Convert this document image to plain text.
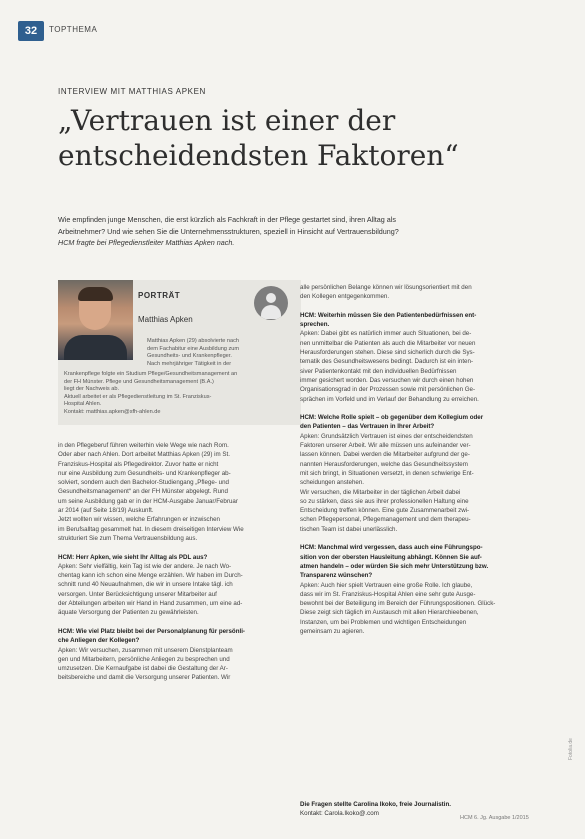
32	TOPTHEMA
INTERVIEW MIT MATTHIAS APKEN
„Vertrauen ist einer der entscheidendsten Faktoren“
Wie empfinden junge Menschen, die erst kürzlich als Fachkraft in der Pflege gestartet sind, ihren Alltag als
Arbeitnehmer? Und wie sehen Sie die Unternehmensstrukturen, speziell in Hinsicht auf Vertrauensbildung?
HCM fragte bei Pflegedienstleiter Matthias Apken nach.
PORTRÄT
Matthias Apken
Matthias Apken (29) absolvierte nach
dem Fachabitur eine Ausbildung zum
Gesundheits- und Krankenpfleger.
Nach mehrjähriger Tätigkeit in der
Krankenpflege folgte ein Studium Pflege/Gesundheitsmanagement an
der FH Münster. Pflege und Gesundheitsmanagement (B.A.)
liegt der Nachweis ab.
Aktuell arbeitet er als Pflegedienstleitung im St. Franziskus-
Hospital Ahlen.
Kontakt: matthias.apken@sfh-ahlen.de
in den Pflegeberuf führen weiterhin viele Wege wie nach Rom.
Oder aber nach Ahlen. Dort arbeitet Matthias Apken (29) im St.
Franziskus-Hospital als Pflegedirektor. Zuvor hatte er nicht
nur eine Ausbildung zum Gesundheits- und Krankenpfleger ab-
solviert, sondern auch den Bachelor-Studiengang „Pflege- und
Gesundheitsmanagement“ an der FH Münster abgelegt. Rund
um seine Ausbildung gab er in der HCM-Ausgabe Januar/Februar
ar 2014 (auf Seite 18/19) Auskunft.
Jetzt wollten wir wissen, welche Erfahrungen er inzwischen
im Berufsalltag gesammelt hat. In diesem dreiseitigen Interview Wie
strukturiert Sie zum Thema Vertrauensbildung aus.
HCM: Herr Apken, wie sieht Ihr Alltag als PDL aus?
Apken: Sehr vielfältig, kein Tag ist wie der andere. Je nach Wo-
chentag kann ich schon eine Menge erzählen. Wir haben im Durch-
schnitt rund 40 Neuaufnahmen, die wir in unsere Intake tägl. ich
versorgen. Unter Berücksichtigung unserer Mitarbeiter auf
der Abteilungen arbeiten wir Hand in Hand zusammen, um eine ad-
äquate Versorgung der Patienten zu gewährleisten.
HCM: Wie viel Platz bleibt bei der Personalplanung für persönli-
che Anliegen der Kollegen?
Apken: Wir versuchen, zusammen mit unserem Dienstplanteam
gen und Mitarbeitern, persönliche Anliegen zu besprechen und
umzusetzen. Die Kernaufgabe ist dabei die Gestaltung der Ar-
beitsbereiche und damit die Versorgung unserer Patienten. Wir
alle persönlichen Belange können wir lösungsorientiert mit den
den Kollegen entgegenkommen.
HCM: Weiterhin müssen Sie den Patientenbedürfnissen ent-
sprechen.
Apken: Dabei gibt es natürlich immer auch Situationen, bei de-
nen unmittelbar die Patienten als auch die Mitarbeiter vor neuen
Herausforderungen stehen. Diese sind sicherlich durch die Sys-
tematik des Gesundheitswesens bedingt. Dadurch ist ein inten-
siver Patientenkontakt mit den individuellen Bedürfnissen
immer gesichert worden. Das versuchen wir durch einen hohen
Organisationsgrad in der Prozessen sowie mit persönlichen Ge-
sprächen im Vorfeld und im Verlauf der Behandlung zu erreichen.
HCM: Welche Rolle spielt – ob gegenüber dem Kollegium oder
den Patienten – das Vertrauen in Ihrer Arbeit?
Apken: Grundsätzlich Vertrauen ist eines der entscheidendsten
Faktoren unserer Arbeit. Wir alle müssen uns aufeinander ver-
lassen können. Dabei werden die Mitarbeiter aufgrund der ge-
nannten Herausforderungen, welche das Gesundheitssystem
mit sich bringt, in Situationen versetzt, in denen schwierige Ent-
scheidungen anstehen.
Wir versuchen, die Mitarbeiter in der täglichen Arbeit dabei
so zu stärken, dass sie aus ihrer professionellen Haltung eine
Entscheidung treffen können. Eine gute Zusammenarbeit zwi-
schen Pflegepersonal, Pflegemanagement und dem therapeu-
tischen Team ist dabei unerlässlich.
HCM: Manchmal wird vergessen, dass auch eine Führungspo-
sition von der obersten Hausleitung abhängt. Können Sie auf-
atmen handeln – oder würden Sie sich mehr Unterstützung bzw.
Transparenz wünschen?
Apken: Auch hier spielt Vertrauen eine große Rolle. Ich glaube,
dass wir im St. Franziskus-Hospital Ahlen eine sehr gute Ausge-
bewohnt bei der Beteiligung im Bereich der Führungspositionen. Glück-
Diese zeigt sich täglich im Austausch mit allen Hierarchieebenen,
Instanzen, um bei Problemen und wichtigen Entscheidungen
gemeinsam zu agieren.
Die Fragen stellte Carolina Ikoko, freie Journalistin.
Kontakt: Carola.Ikoko@.com
HCM 6. Jg. Ausgabe 1/2015
Fotolia.de
